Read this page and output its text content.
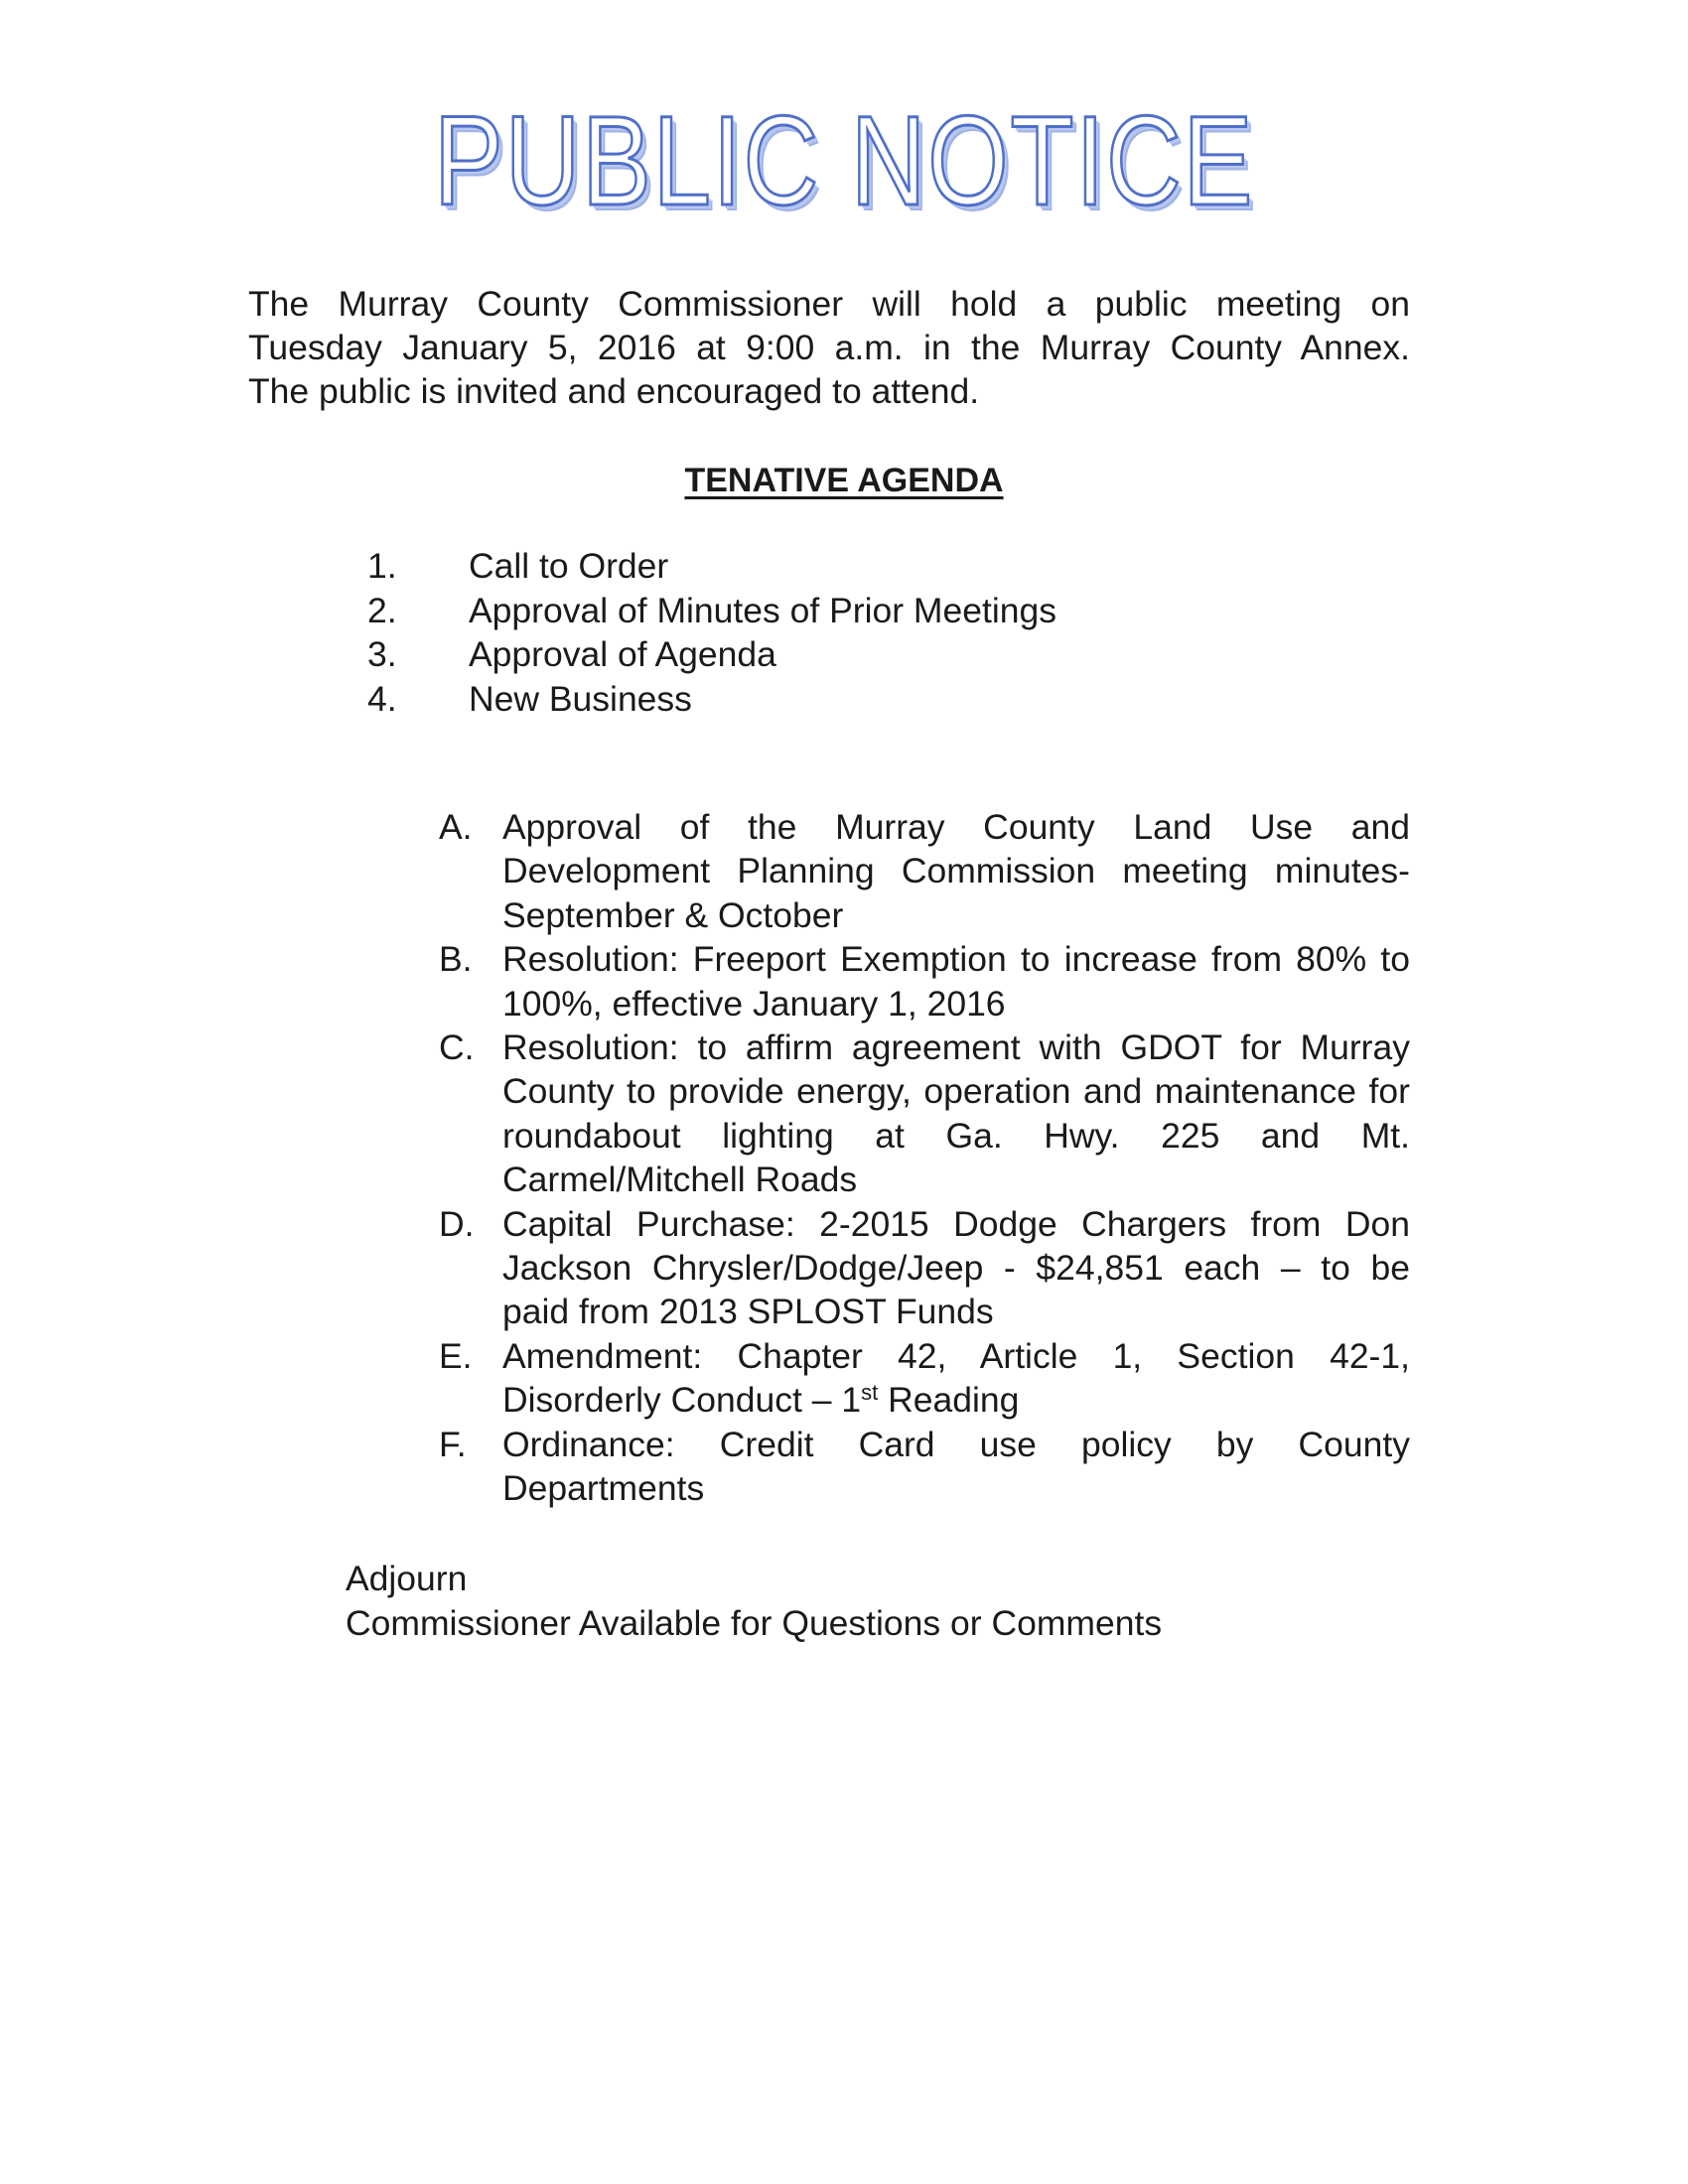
PUBLIC NOTICE
The Murray County Commissioner will hold a public meeting on
Tuesday January 5, 2016 at 9:00 a.m. in the Murray County Annex.
The public is invited and encouraged to attend.
TENATIVE AGENDA
1.	Call to Order
2.	Approval of Minutes of Prior Meetings
3.	Approval of Agenda
4.	New Business
A. Approval of the Murray County Land Use and Development Planning Commission meeting minutes- September & October
B. Resolution: Freeport Exemption to increase from 80% to 100%, effective January 1, 2016
C. Resolution: to affirm agreement with GDOT for Murray County to provide energy, operation and maintenance for roundabout lighting at Ga. Hwy. 225 and Mt. Carmel/Mitchell Roads
D. Capital Purchase: 2-2015 Dodge Chargers from Don Jackson Chrysler/Dodge/Jeep - $24,851 each – to be paid from 2013 SPLOST Funds
E. Amendment: Chapter 42, Article 1, Section 42-1, Disorderly Conduct – 1st Reading
F.	Ordinance: Credit Card use policy by County Departments
Adjourn
Commissioner Available for Questions or Comments
